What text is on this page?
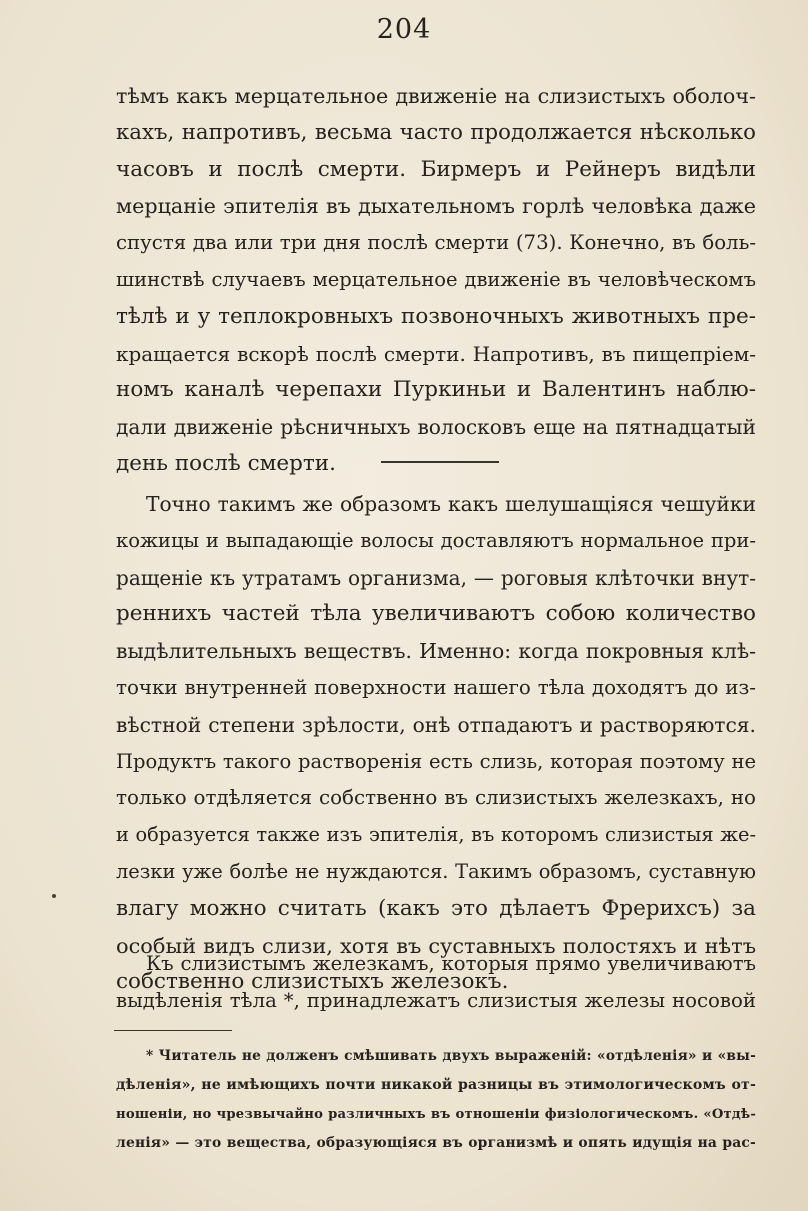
204
тѣмъ какъ мерцательное движеніе на слизистыхъ оболоч-
кахъ, напротивъ, весьма часто продолжается нѣсколько
часовъ и послѣ смерти. Бирмеръ и Рейнеръ видѣли
мерцаніе эпителія въ дыхательномъ горлѣ человѣка даже
спустя два или три дня послѣ смерти (73). Конечно, въ боль-
шинствѣ случаевъ мерцательное движеніе въ человѣческомъ
тѣлѣ и у теплокровныхъ позвоночныхъ животныхъ пре-
кращается вскорѣ послѣ смерти. Напротивъ, въ пищепріем-
номъ каналѣ черепахи Пуркиньи и Валентинъ наблю-
дали движеніе рѣсничныхъ волосковъ еще на пятнадцатый
день послѣ смерти.
Точно такимъ же образомъ какъ шелушащіяся чешуйки
кожицы и выпадающіе волосы доставляютъ нормальное при-
ращеніе къ утратамъ организма, — роговыя клѣточки внут-
реннихъ частей тѣла увеличиваютъ собою количество
выдѣлительныхъ веществъ. Именно: когда покровныя клѣ-
точки внутренней поверхности нашего тѣла доходятъ до из-
вѣстной степени зрѣлости, онѣ отпадаютъ и растворяются.
Продуктъ такого растворенія есть слизь, которая поэтому не
только отдѣляется собственно въ слизистыхъ железкахъ, но
и образуется также изъ эпителія, въ которомъ слизистыя же-
лезки уже болѣе не нуждаются. Такимъ образомъ, суставную
влагу можно считать (какъ это дѣлаетъ Фрерихсъ) за
особый видъ слизи, хотя въ суставныхъ полостяхъ и нѣтъ
собственно слизистыхъ железокъ.
Къ слизистымъ железкамъ, которыя прямо увеличиваютъ
выдѣленія тѣла *, принадлежатъ слизистыя железы носовой
* Читатель не долженъ смѣшивать двухъ выраженій: «отдѣленія» и «вы-
дѣленія», не имѣющихъ почти никакой разницы въ этимологическомъ от-
ношеніи, но чрезвычайно различныхъ въ отношеніи физіологическомъ. «Отдѣ-
ленія» — это вещества, образующіяся въ организмѣ и опять идущія на рас-
